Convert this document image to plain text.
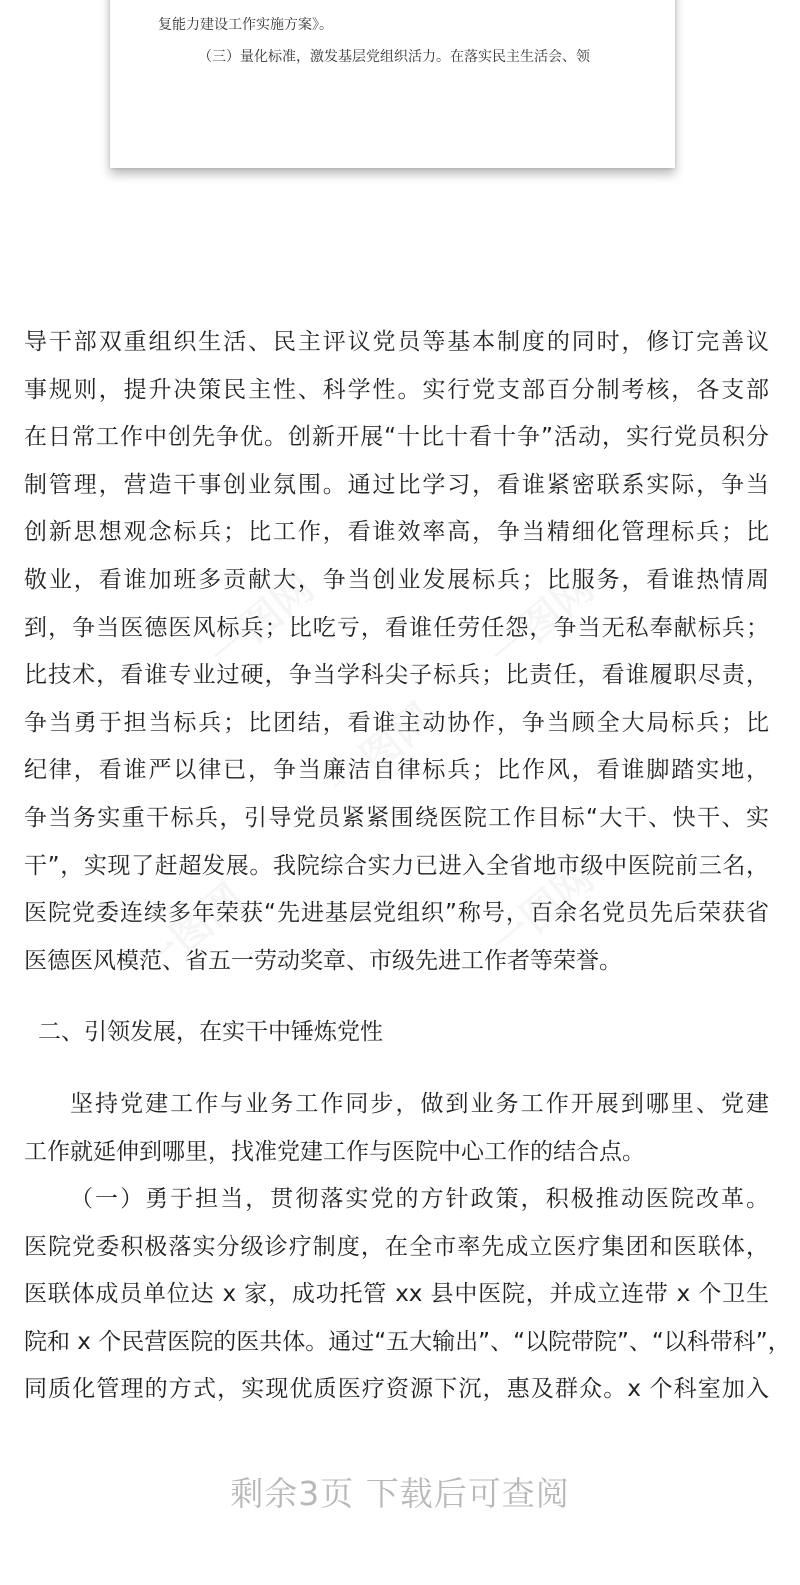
复能力建设工作实施方案》。
（三）量化标准，激发基层党组织活力。在落实民主生活会、领
导干部双重组织生活、民主评议党员等基本制度的同时，修订完善议
事规则，提升决策民主性、科学性。实行党支部百分制考核，各支部
在日常工作中创先争优。创新开展“十比十看十争”活动，实行党员积分
制管理，营造干事创业氛围。通过比学习，看谁紧密联系实际，争当
创新思想观念标兵；比工作，看谁效率高，争当精细化管理标兵；比
敬业，看谁加班多贡献大，争当创业发展标兵；比服务，看谁热情周
到，争当医德医风标兵；比吃亏，看谁任劳任怨，争当无私奉献标兵；
比技术，看谁专业过硬，争当学科尖子标兵；比责任，看谁履职尽责，
争当勇于担当标兵；比团结，看谁主动协作，争当顾全大局标兵；比
纪律，看谁严以律已，争当廉洁自律标兵；比作风，看谁脚踏实地，
争当务实重干标兵，引导党员紧紧围绕医院工作目标“大干、快干、实
干”，实现了赶超发展。我院综合实力已进入全省地市级中医院前三名，
医院党委连续多年荣获“先进基层党组织”称号，百余名党员先后荣获省
医德医风模范、省五一劳动奖章、市级先进工作者等荣誉。
二、引领发展，在实干中锤炼党性
坚持党建工作与业务工作同步，做到业务工作开展到哪里、党建
工作就延伸到哪里，找准党建工作与医院中心工作的结合点。
（一）勇于担当，贯彻落实党的方针政策，积极推动医院改革。
医院党委积极落实分级诊疗制度，在全市率先成立医疗集团和医联体，
医联体成员单位达 x 家，成功托管 xx 县中医院，并成立连带 x 个卫生
院和 x 个民营医院的医共体。通过“五大输出”、“以院带院”、“以科带科”，
同质化管理的方式，实现优质医疗资源下沉，惠及群众。x 个科室加入
剩余3页 下载后可查阅
